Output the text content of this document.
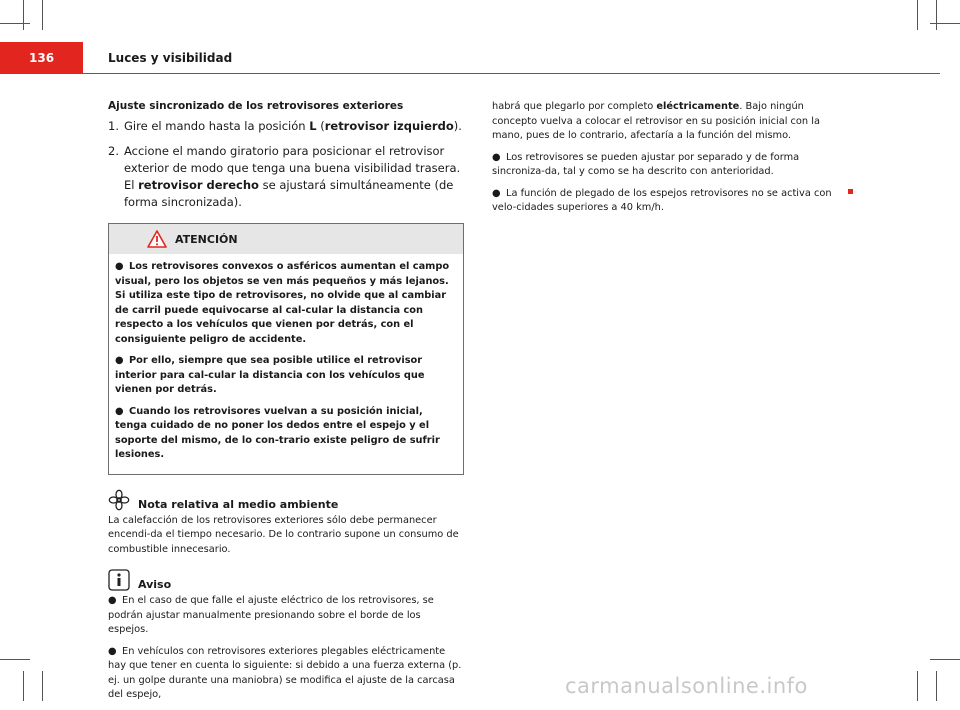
136	Luces y visibilidad
Ajuste sincronizado de los retrovisores exteriores
1. Gire el mando hasta la posición L (retrovisor izquierdo).
2. Accione el mando giratorio para posicionar el retrovisor exterior de modo que tenga una buena visibilidad trasera. El retrovisor derecho se ajustará simultáneamente (de forma sincronizada).
ATENCIÓN

● Los retrovisores convexos o asféricos aumentan el campo visual, pero los objetos se ven más pequeños y más lejanos. Si utiliza este tipo de retrovisores, no olvide que al cambiar de carril puede equivocarse al cal-cular la distancia con respecto a los vehículos que vienen por detrás, con el consiguiente peligro de accidente.

● Por ello, siempre que sea posible utilice el retrovisor interior para cal-cular la distancia con los vehículos que vienen por detrás.

● Cuando los retrovisores vuelvan a su posición inicial, tenga cuidado de no poner los dedos entre el espejo y el soporte del mismo, de lo con-trario existe peligro de sufrir lesiones.

Nota relativa al medio ambiente

La calefacción de los retrovisores exteriores sólo debe permanecer encendi-da el tiempo necesario. De lo contrario supone un consumo de combustible innecesario.

Aviso

● En el caso de que falle el ajuste eléctrico de los retrovisores, se podrán ajustar manualmente presionando sobre el borde de los espejos.

● En vehículos con retrovisores exteriores plegables eléctricamente hay que tener en cuenta lo siguiente: si debido a una fuerza externa (p. ej. un golpe durante una maniobra) se modifica el ajuste de la carcasa del espejo,

habrá que plegarlo por completo eléctricamente. Bajo ningún concepto vuelva a colocar el retrovisor en su posición inicial con la mano, pues de lo contrario, afectaría a la función del mismo.

● Los retrovisores se pueden ajustar por separado y de forma sincroniza-da, tal y como se ha descrito con anterioridad.

● La función de plegado de los espejos retrovisores no se activa con velo-cidades superiores a 40 km/h.

carmanualsonline.info
